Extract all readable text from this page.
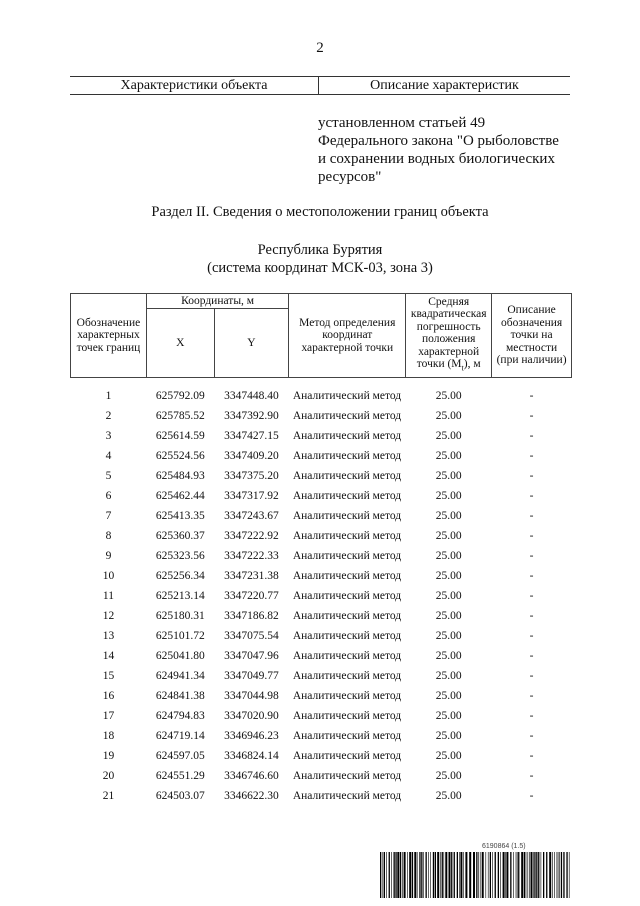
2
Характеристики объекта	Описание характеристик
установленном статьей 49
Федерального закона "О рыболовстве
и сохранении водных биологических
ресурсов"
Раздел II. Сведения о местоположении границ объекта
Республика Бурятия
(система координат МСК-03, зона 3)
Обозначение характерных точек границ	Координаты, м		Метод определения координат характерной точки	Средняя квадратическая погрешность положения характерной точки $(M_t)$, м	Описание обозначения точки на местности (при наличии)
	X	Y			
1	625792.09	3347448.40	Аналитический метод	25.00	-
2	625785.52	3347392.90	Аналитический метод	25.00	-
3	625614.59	3347427.15	Аналитический метод	25.00	-
4	625524.56	3347409.20	Аналитический метод	25.00	-
5	625484.93	3347375.20	Аналитический метод	25.00	-
6	625462.44	3347317.92	Аналитический метод	25.00	-
7	625413.35	3347243.67	Аналитический метод	25.00	-
8	625360.37	3347222.92	Аналитический метод	25.00	-
9	625323.56	3347222.33	Аналитический метод	25.00	-
10	625256.34	3347231.38	Аналитический метод	25.00	-
11	625213.14	3347220.77	Аналитический метод	25.00	-
12	625180.31	3347186.82	Аналитический метод	25.00	-
13	625101.72	3347075.54	Аналитический метод	25.00	-
14	625041.80	3347047.96	Аналитический метод	25.00	-
15	624941.34	3347049.77	Аналитический метод	25.00	-
16	624841.38	3347044.98	Аналитический метод	25.00	-
17	624794.83	3347020.90	Аналитический метод	25.00	-
18	624719.14	3346946.23	Аналитический метод	25.00	-
19	624597.05	3346824.14	Аналитический метод	25.00	-
20	624551.29	3346746.60	Аналитический метод	25.00	-
21	624503.07	3346622.30	Аналитический метод	25.00	-
6190864 (1.5)
